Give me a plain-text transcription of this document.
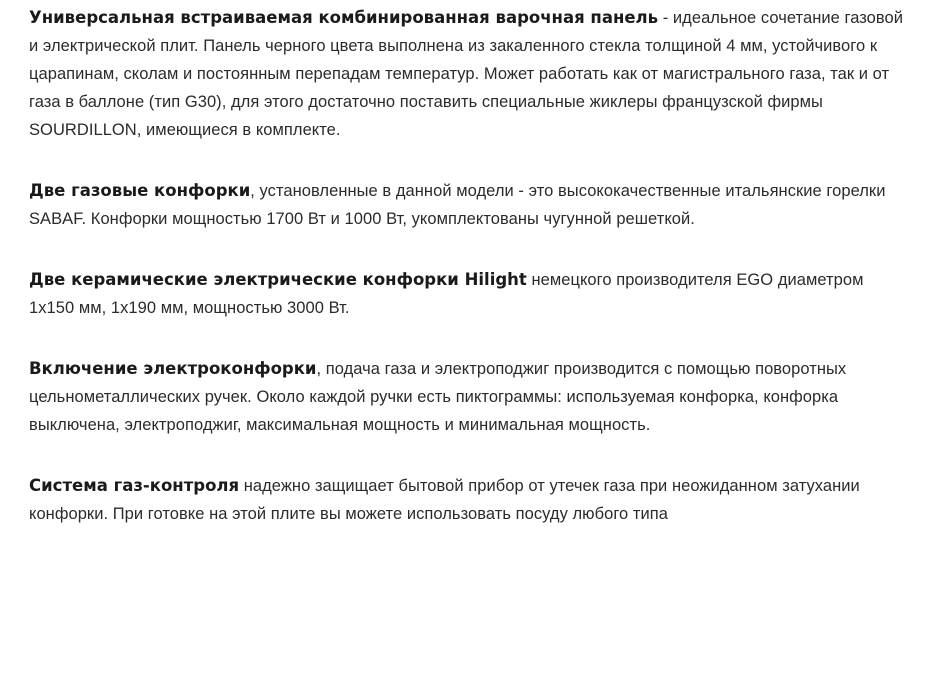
Универсальная встраиваемая комбинированная варочная панель - идеальное сочетание газовой и электрической плит. Панель черного цвета выполнена из закаленного стекла толщиной 4 мм, устойчивого к царапинам, сколам и постоянным перепадам температур. Может работать как от магистрального газа, так и от газа в баллоне (тип G30), для этого достаточно поставить специальные жиклеры французской фирмы SOURDILLON, имеющиеся в комплекте.

Две газовые конфорки, установленные в данной модели - это высококачественные итальянские горелки SABAF. Конфорки мощностью 1700 Вт и 1000 Вт, укомплектованы чугунной решеткой.

Две керамические электрические конфорки Hilight немецкого производителя EGO диаметром 1х150 мм, 1х190 мм, мощностью 3000 Вт.

Включение электроконфорки, подача газа и электроподжиг производится с помощью поворотных цельнометаллических ручек. Около каждой ручки есть пиктограммы: используемая конфорка, конфорка выключена, электроподжиг, максимальная мощность и минимальная мощность.

Система газ-контроля надежно защищает бытовой прибор от утечек газа при неожиданном затухании конфорки. При готовке на этой плите вы можете использовать посуду любого типа
